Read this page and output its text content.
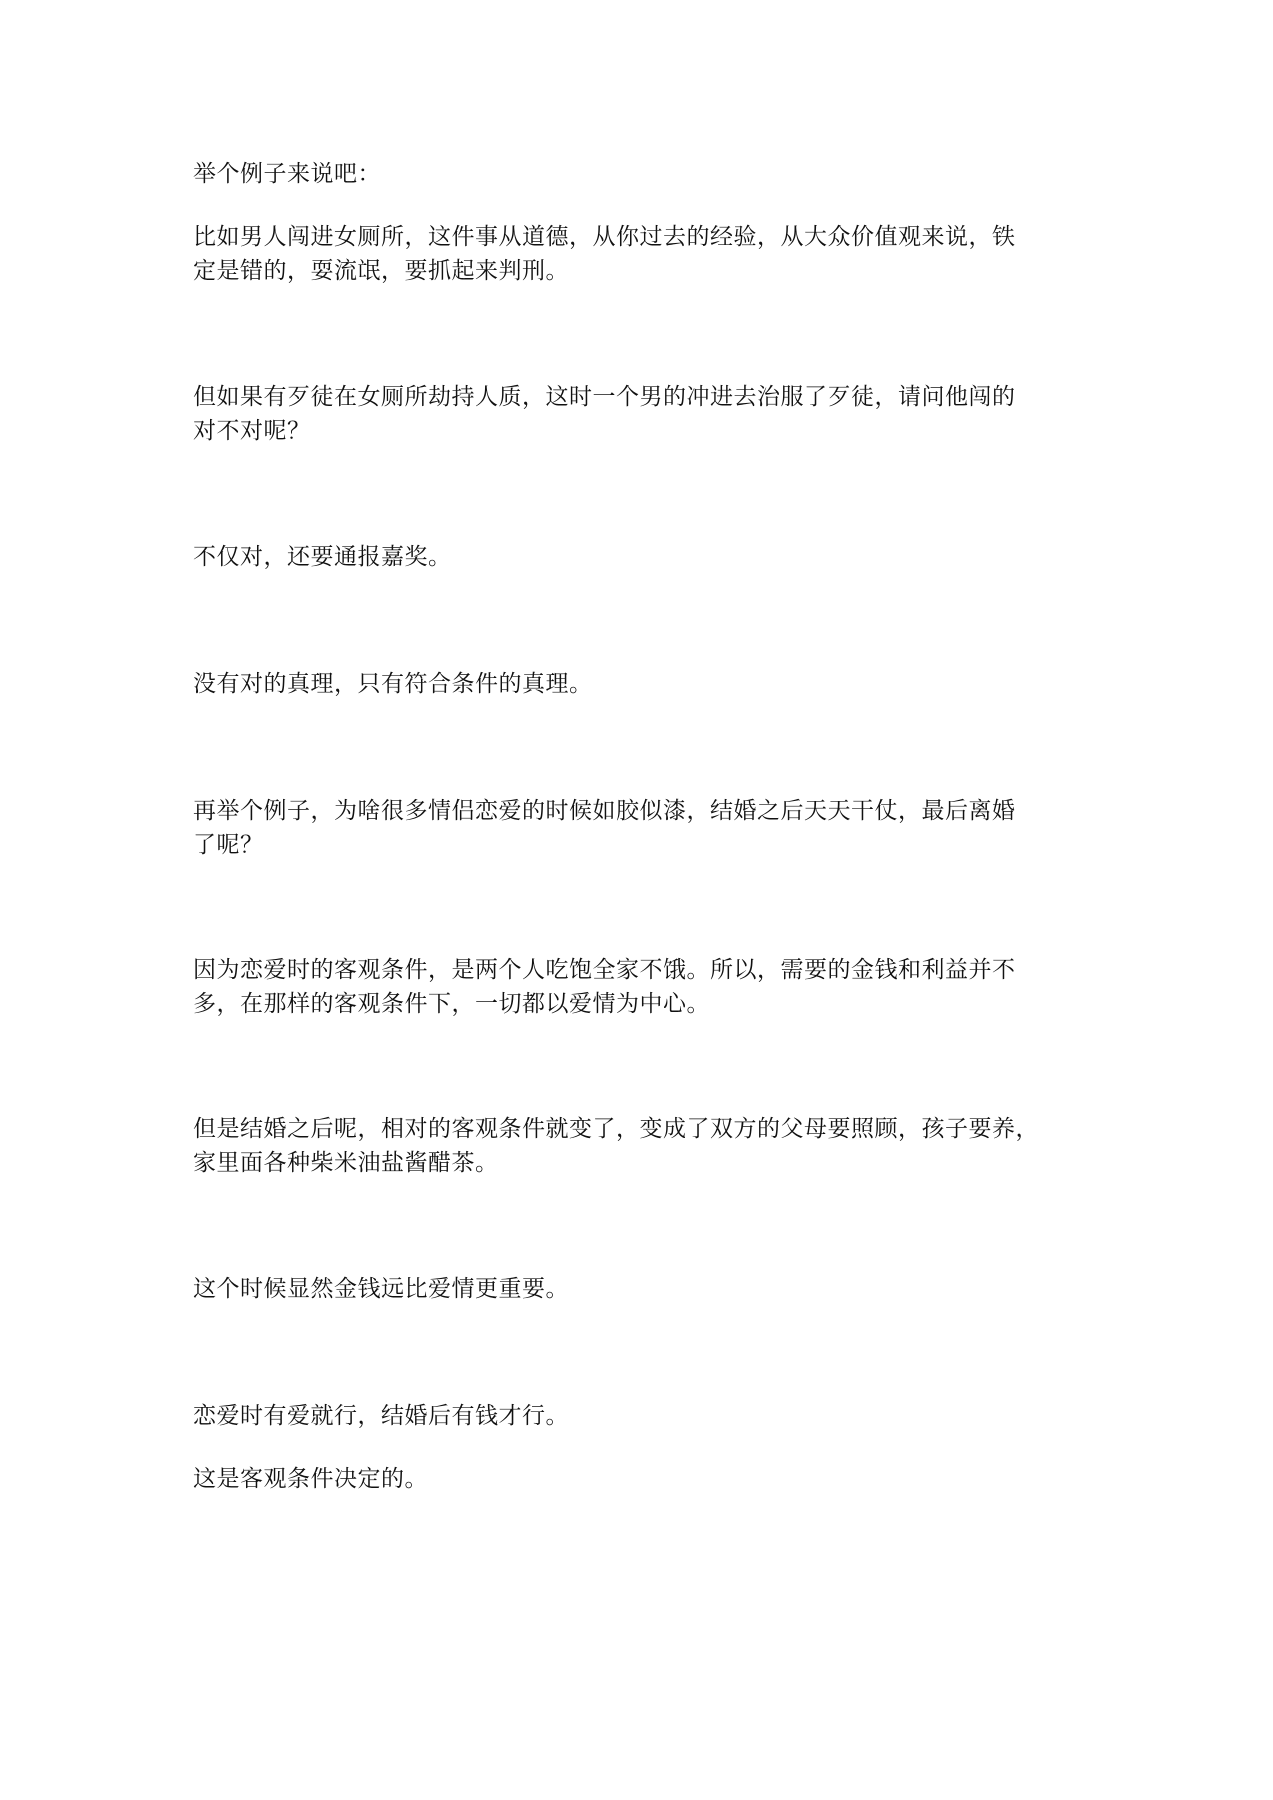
举个例子来说吧：

比如男人闯进女厕所，这件事从道德，从你过去的经验，从大众价值观来说，铁
定是错的，耍流氓，要抓起来判刑。

但如果有歹徒在女厕所劫持人质，这时一个男的冲进去治服了歹徒，请问他闯的
对不对呢？

不仅对，还要通报嘉奖。

没有对的真理，只有符合条件的真理。

再举个例子，为啥很多情侣恋爱的时候如胶似漆，结婚之后天天干仗，最后离婚
了呢？

因为恋爱时的客观条件，是两个人吃饱全家不饿。所以，需要的金钱和利益并不
多，在那样的客观条件下，一切都以爱情为中心。

但是结婚之后呢，相对的客观条件就变了，变成了双方的父母要照顾，孩子要养，
家里面各种柴米油盐酱醋茶。

这个时候显然金钱远比爱情更重要。

恋爱时有爱就行，结婚后有钱才行。

这是客观条件决定的。
